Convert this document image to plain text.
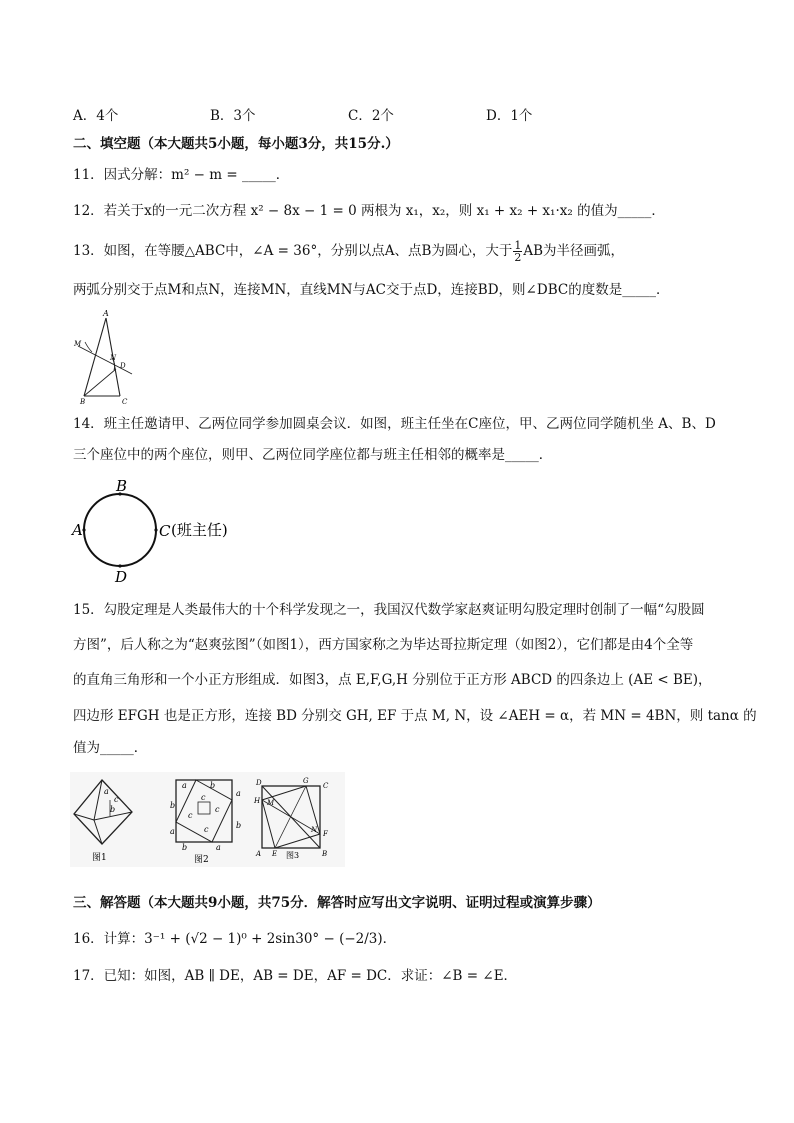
A．4个	B．3个	C．2个	D．1个
二、填空题（本大题共5小题，每小题3分，共15分.）
11．因式分解：m² − m = _____．
12．若关于x的一元二次方程 x² − 8x − 1 = 0 两根为 x₁，x₂，则 x₁ + x₂ + x₁·x₂ 的值为_____．
13．如图，在等腰△ABC中，∠A = 36°，分别以点A、点B为圆心，大于 $\frac{1}{2}$ AB为半径画弧，
两弧分别交于点M和点N，连接MN，直线MN与AC交于点D，连接BD，则∠DBC的度数是_____．
A
M
N
D
B	C
14．班主任邀请甲、乙两位同学参加圆桌会议．如图，班主任坐在C座位，甲、乙两位同学随机坐 A、B、D
三个座位中的两个座位，则甲、乙两位同学座位都与班主任相邻的概率是_____．
B
A	C
D
(班主任)
15．勾股定理是人类最伟大的十个科学发现之一，我国汉代数学家赵爽证明勾股定理时创制了一幅“勾股圆
方图”，后人称之为“赵爽弦图”（如图1），西方国家称之为毕达哥拉斯定理（如图2），它们都是由4个全等
的直角三角形和一个小正方形组成．如图3，点 E,F,G,H 分别位于正方形 ABCD 的四条边上 (AE < BE)，
四边形 EFGH 也是正方形，连接 BD 分别交 GH, EF 于点 M, N，设 ∠AEH = α，若 MN = 4BN，则 tanα 的
值为_____．
a
c
b
图1
a	b
a
b
b
a
b	a
c
c
c
c
图2
D	G
C
H M
N F
A E	B
图3
三、解答题（本大题共9小题，共75分．解答时应写出文字说明、证明过程或演算步骤）
16．计算：3⁻¹ + (√2 − 1)⁰ + 2sin30° − (−2/3)．
17．已知：如图，AB ∥ DE，AB = DE，AF = DC．求证：∠B = ∠E．
